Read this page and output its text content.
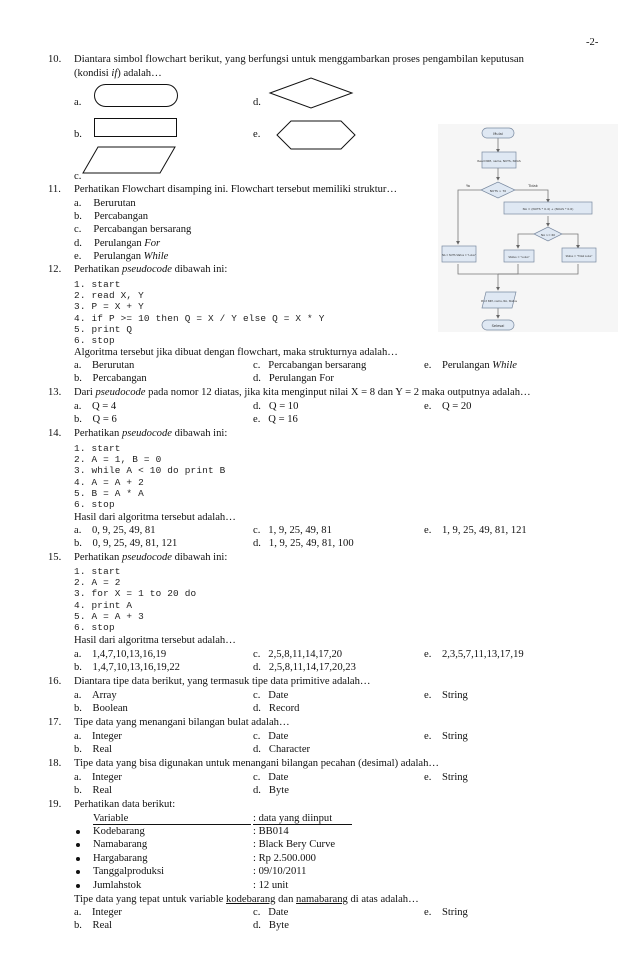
-2-
10. Diantara simbol flowchart berikut, yang berfungsi untuk menggambarkan proses pengambilan keputusan
(kondisi if) adalah…
a.	d.
b.	e.
c.
11. Perhatikan Flowchart disamping ini. Flowchart tersebut memiliki struktur…
a. Berurutan
b. Percabangan
c. Percabangan bersarang
d. Perulangan For
e. Perulangan While
Mulai
Read NIM, nama, NUTS, NUAS
NUTS > 70
Ya	Tidak
NA = (NUTS * 0.4) + (NUAS * 0.6)
NA >= 60
NA = NUTS Status = "Lulus"
Status = "Lulus"	Status = "Tidak Lulus"
Print NIM, nama, NA, Status
Selesai
12. Perhatikan pseudocode dibawah ini:
1. start
2. read X, Y
3. P = X + Y
4. if P >= 10 then Q = X / Y else Q = X * Y
5. print Q
6. stop
Algoritma tersebut jika dibuat dengan flowchart, maka strukturnya adalah…
a.    Berurutan	c.   Percabangan bersarang	e.    Perulangan While
b.    Percabangan	d.   Perulangan For
13. Dari pseudocode pada nomor 12 diatas, jika kita menginput nilai X = 8 dan Y = 2 maka outputnya adalah…
a.    Q = 4	d.   Q = 10	e.    Q = 20
b.    Q = 6	e.   Q = 16
14. Perhatikan pseudocode dibawah ini:
1. start
2. A = 1, B = 0
3. while A < 10 do print B
4. A = A + 2
5. B = A * A
6. stop
Hasil dari algoritma tersebut adalah…
a.    0, 9, 25, 49, 81	c.   1, 9, 25, 49, 81	e.    1, 9, 25, 49, 81, 121
b.    0, 9, 25, 49, 81, 121	d.   1, 9, 25, 49, 81, 100
15. Perhatikan pseudocode dibawah ini:
1. start
2. A = 2
3. for X = 1 to 20 do
4. print A
5. A = A + 3
6. stop
Hasil dari algoritma tersebut adalah…
a.    1,4,7,10,13,16,19	c.   2,5,8,11,14,17,20	e.    2,3,5,7,11,13,17,19
b.    1,4,7,10,13,16,19,22	d.   2,5,8,11,14,17,20,23
16. Diantara tipe data berikut, yang termasuk tipe data primitive adalah…
a.    Array	c.   Date	e.    String
b.    Boolean	d.   Record
17. Tipe data yang menangani bilangan bulat adalah…
a.    Integer	c.   Date	e.    String
b.    Real	d.   Character
18. Tipe data yang bisa digunakan untuk menangani bilangan pecahan (desimal) adalah…
a.    Integer	c.   Date	e.    String
b.    Real	d.   Byte
19. Perhatikan data berikut:
Variable	: data yang diinput
Kodebarang	: BB014
Namabarang	: Black Bery Curve
Hargabarang	: Rp 2.500.000
Tanggalproduksi	: 09/10/2011
Jumlahstok	: 12 unit
Tipe data yang tepat untuk variable kodebarang dan namabarang di atas adalah…
a.    Integer	c.   Date	e.    String
b.    Real	d.   Byte
